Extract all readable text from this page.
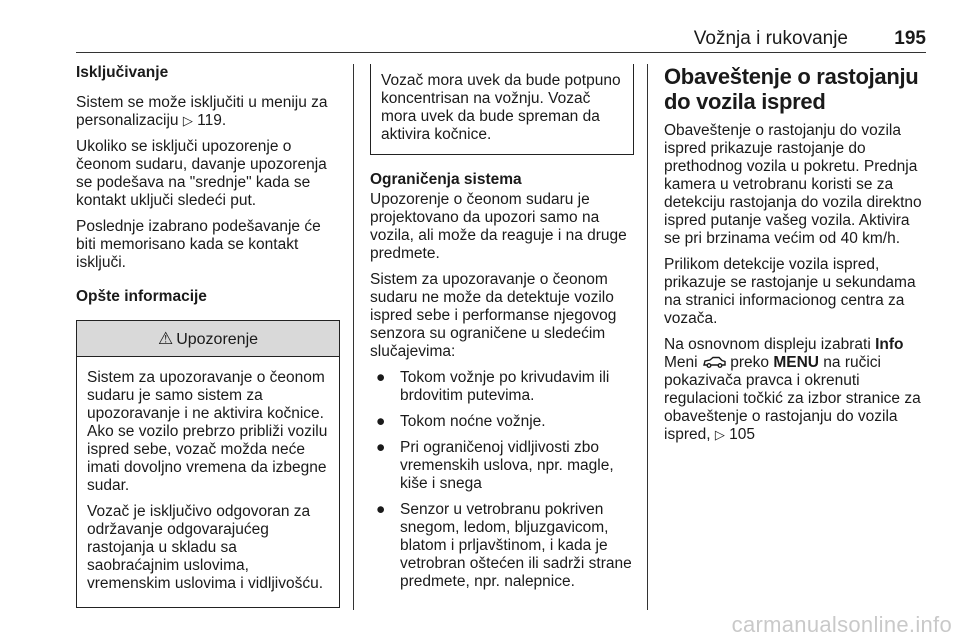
Vožnja i rukovanje 195
Isključivanje

Sistem se može isključiti u meniju za personalizaciju ▷ 119.

Ukoliko se isključi upozorenje o čeonom sudaru, davanje upozorenja se podešava na "srednje" kada se kontakt uključi sledeći put.

Poslednje izabrano podešavanje će biti memorisano kada se kontakt isključi.

Opšte informacije
⚠ Upozorenje

Sistem za upozoravanje o čeonom sudaru je samo sistem za upozoravanje i ne aktivira kočnice. Ako se vozilo prebrzo približi vozilu ispred sebe, vozač možda neće imati dovoljno vremena da izbegne sudar.

Vozač je isključivo odgovoran za održavanje odgovarajućeg rastojanja u skladu sa saobraćajnim uslovima, vremenskim uslovima i vidljivošću.

Vozač mora uvek da bude potpuno koncentrisan na vožnju. Vozač mora uvek da bude spreman da aktivira kočnice.

Ograničenja sistema

Upozorenje o čeonom sudaru je projektovano da upozori samo na vozila, ali može da reaguje i na druge predmete.

Sistem za upozoravanje o čeonom sudaru ne može da detektuje vozilo ispred sebe i performanse njegovog senzora su ograničene u sledećim slučajevima:

● Tokom vožnje po krivudavim ili brdovitim putevima.
● Tokom noćne vožnje.
● Pri ograničenoj vidljivosti zbo vremenskih uslova, npr. magle, kiše i snega
● Senzor u vetrobranu pokriven snegom, ledom, bljuzgavicom, blatom i prljavštinom, i kada je vetrobran oštećen ili sadrži strane predmete, npr. nalepnice.
Obaveštenje o rastojanju do vozila ispred

Obaveštenje o rastojanju do vozila ispred prikazuje rastojanje do prethodnog vozila u pokretu. Prednja kamera u vetrobranu koristi se za detekciju rastojanja do vozila direktno ispred putanje vašeg vozila. Aktivira se pri brzinama većim od 40 km/h.

Prilikom detekcije vozila ispred, prikazuje se rastojanje u sekundama na stranici informacionog centra za vozača.

Na osnovnom displeju izabrati Info Meni preko MENU na ručici pokazivača pravca i okrenuti regulacioni točkić za izbor stranice za obaveštenje o rastojanju do vozila ispred, ▷ 105

carmanualsonline.info
